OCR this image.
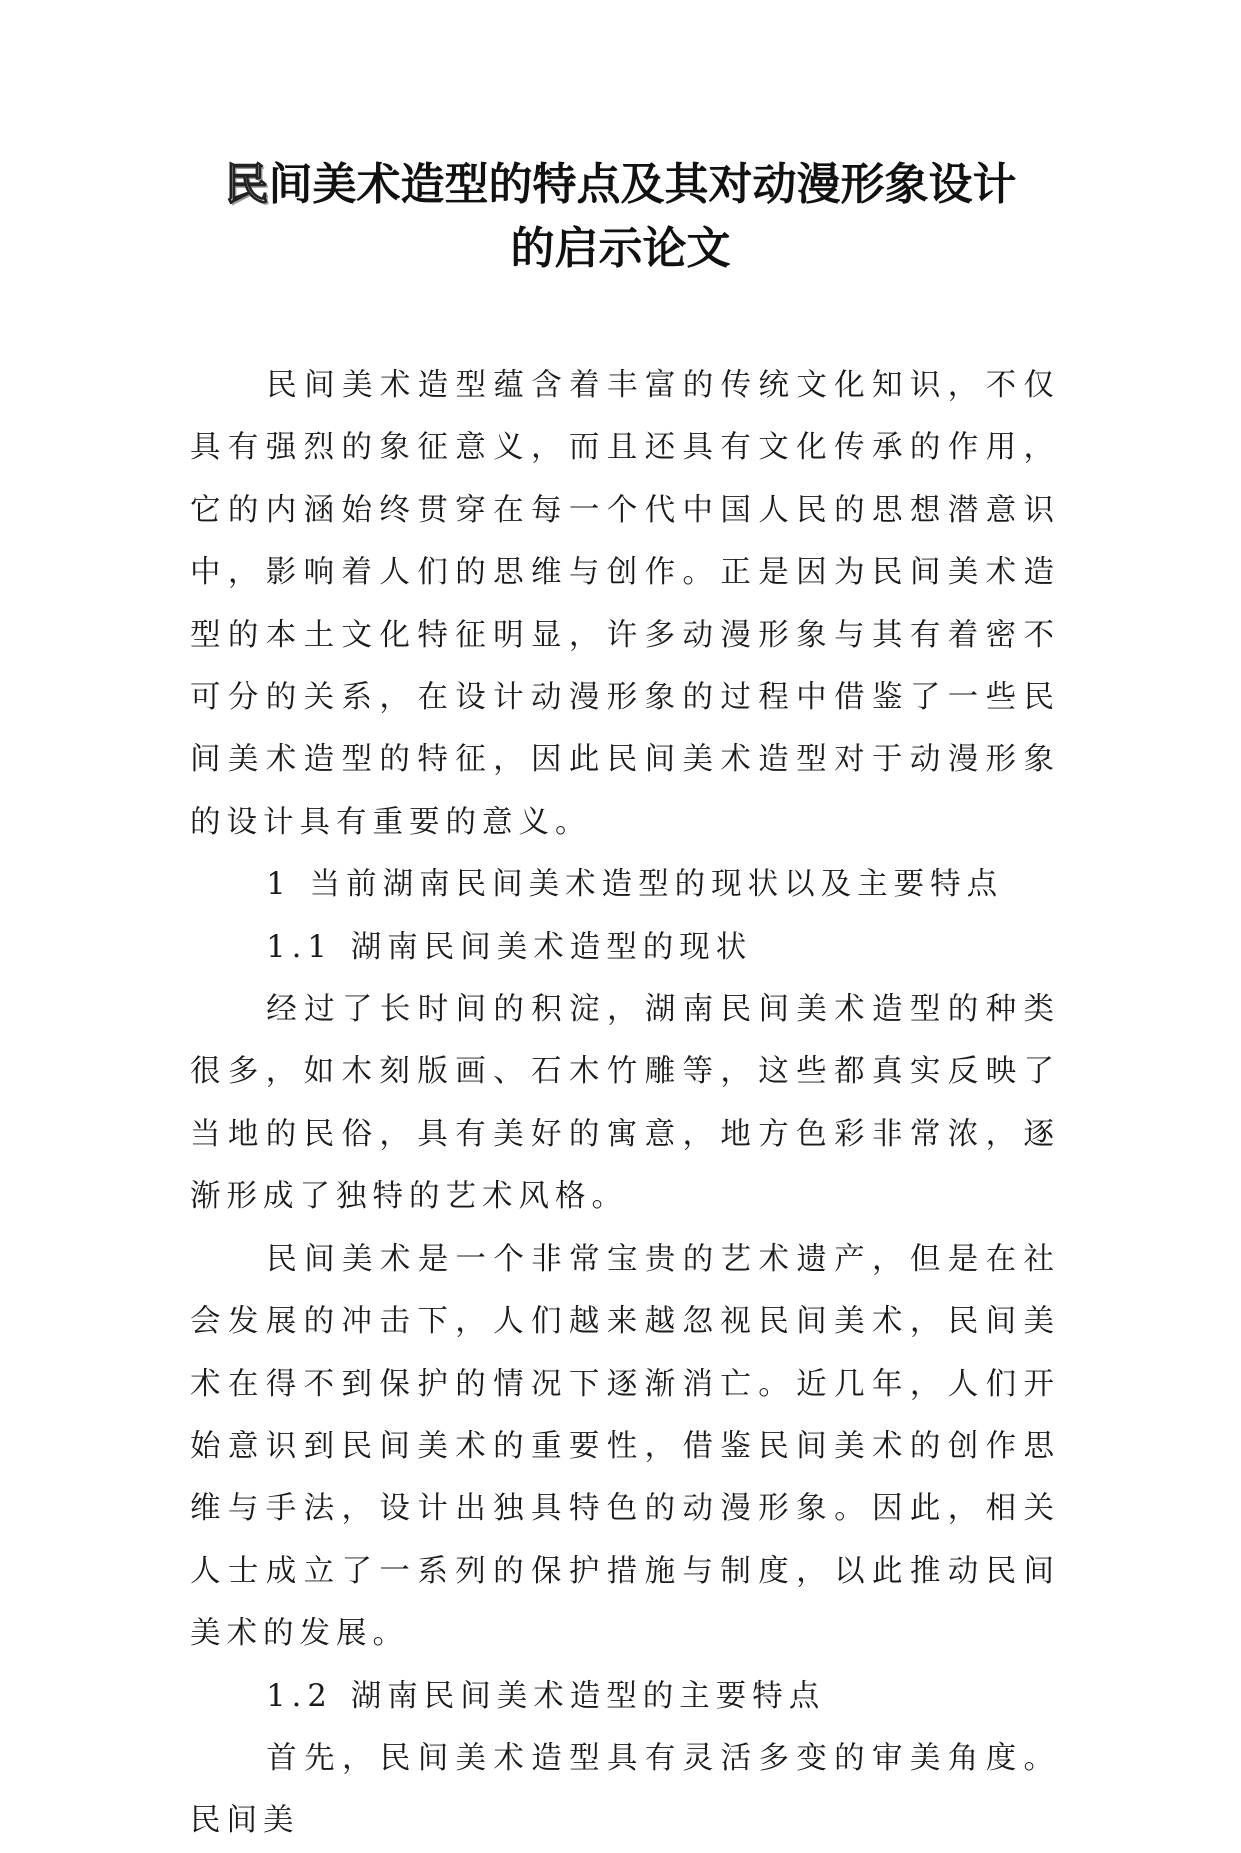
民间美术造型的特点及其对动漫形象设计
的启示论文

民间美术造型蕴含着丰富的传统文化知识，不仅具有强烈的象征意义，而且还具有文化传承的作用，它的内涵始终贯穿在每一个代中国人民的思想潜意识中，影响着人们的思维与创作。正是因为民间美术造型的本土文化特征明显，许多动漫形象与其有着密不可分的关系，在设计动漫形象的过程中借鉴了一些民间美术造型的特征，因此民间美术造型对于动漫形象的设计具有重要的意义。

1 当前湖南民间美术造型的现状以及主要特点

1.1 湖南民间美术造型的现状

经过了长时间的积淀，湖南民间美术造型的种类很多，如木刻版画、石木竹雕等，这些都真实反映了当地的民俗，具有美好的寓意，地方色彩非常浓，逐渐形成了独特的艺术风格。

民间美术是一个非常宝贵的艺术遗产，但是在社会发展的冲击下，人们越来越忽视民间美术，民间美术在得不到保护的情况下逐渐消亡。近几年，人们开始意识到民间美术的重要性，借鉴民间美术的创作思维与手法，设计出独具特色的动漫形象。因此，相关人士成立了一系列的保护措施与制度，以此推动民间美术的发展。

1.2 湖南民间美术造型的主要特点

首先，民间美术造型具有灵活多变的审美角度。民间美
